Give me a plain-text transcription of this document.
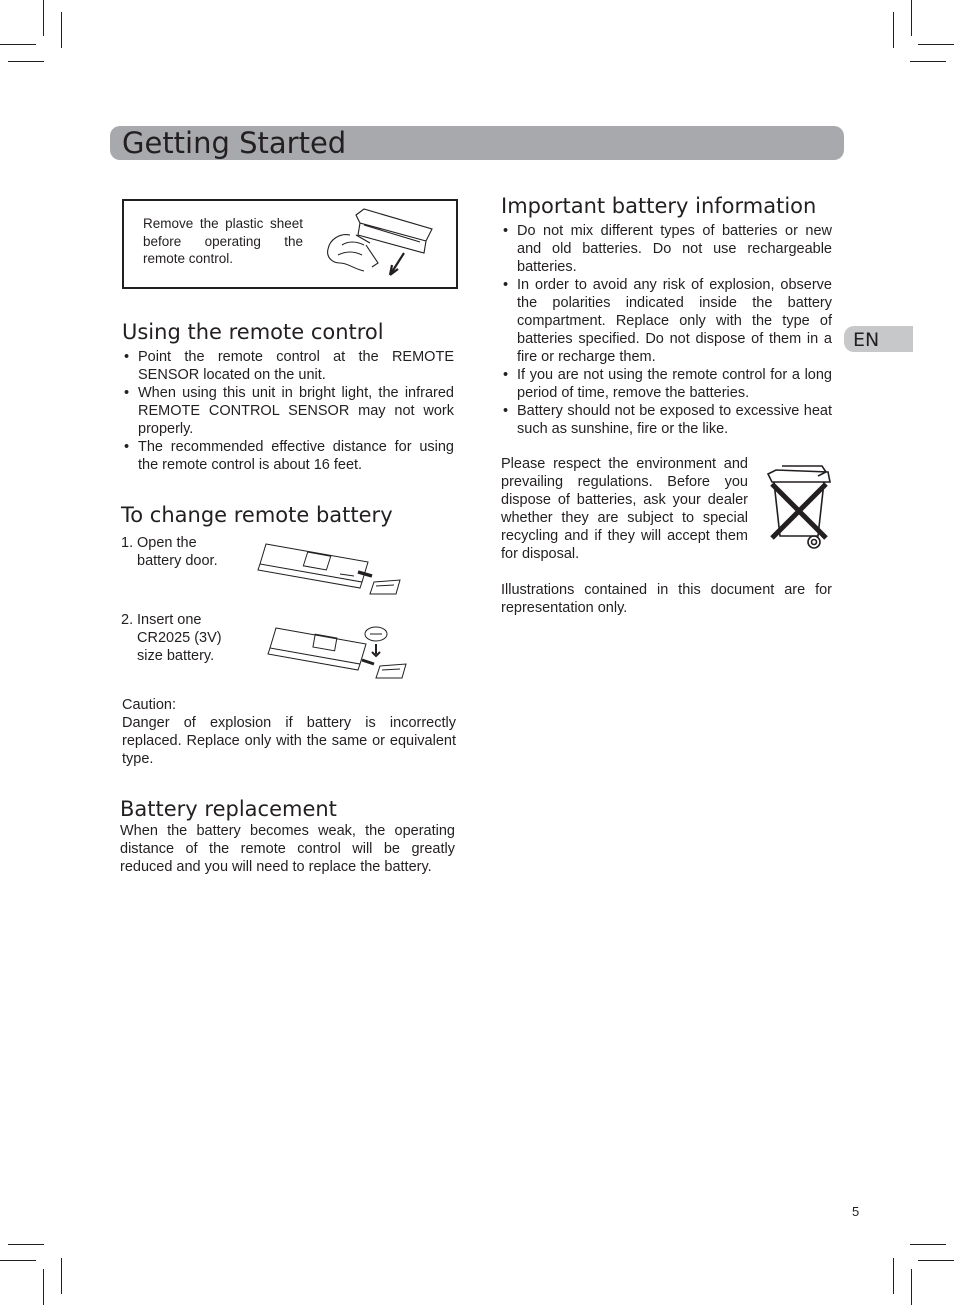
Getting Started
EN
Remove the plastic sheet before operating the remote control.
Using the remote control
• Point the remote control at the REMOTE SENSOR located on the unit.
• When using this unit in bright light, the infrared REMOTE CONTROL SENSOR may not work properly.
• The recommended effective distance for using the remote control is about 16 feet.
To change remote battery
1. Open the
battery door.
2. Insert one
CR2025 (3V)
size battery.
Caution:
Danger of explosion if battery is incorrectly replaced. Replace only with the same or equivalent type.
Battery replacement
When the battery becomes weak, the operating distance of the remote control will be greatly reduced and you will need to replace the battery.
Important battery information
• Do not mix different types of batteries or new and old batteries. Do not use rechargeable batteries.
• In order to avoid any risk of explosion, observe the polarities indicated inside the battery compartment. Replace only with the type of batteries specified. Do not dispose of them in a fire or recharge them.
• If you are not using the remote control for a long period of time, remove the batteries.
• Battery should not be exposed to excessive heat such as sunshine, fire or the like.
Please respect the environment and prevailing regulations. Before you dispose of batteries, ask your dealer whether they are subject to special recycling and if they will accept them for disposal.
Illustrations contained in this document are for representation only.
5
